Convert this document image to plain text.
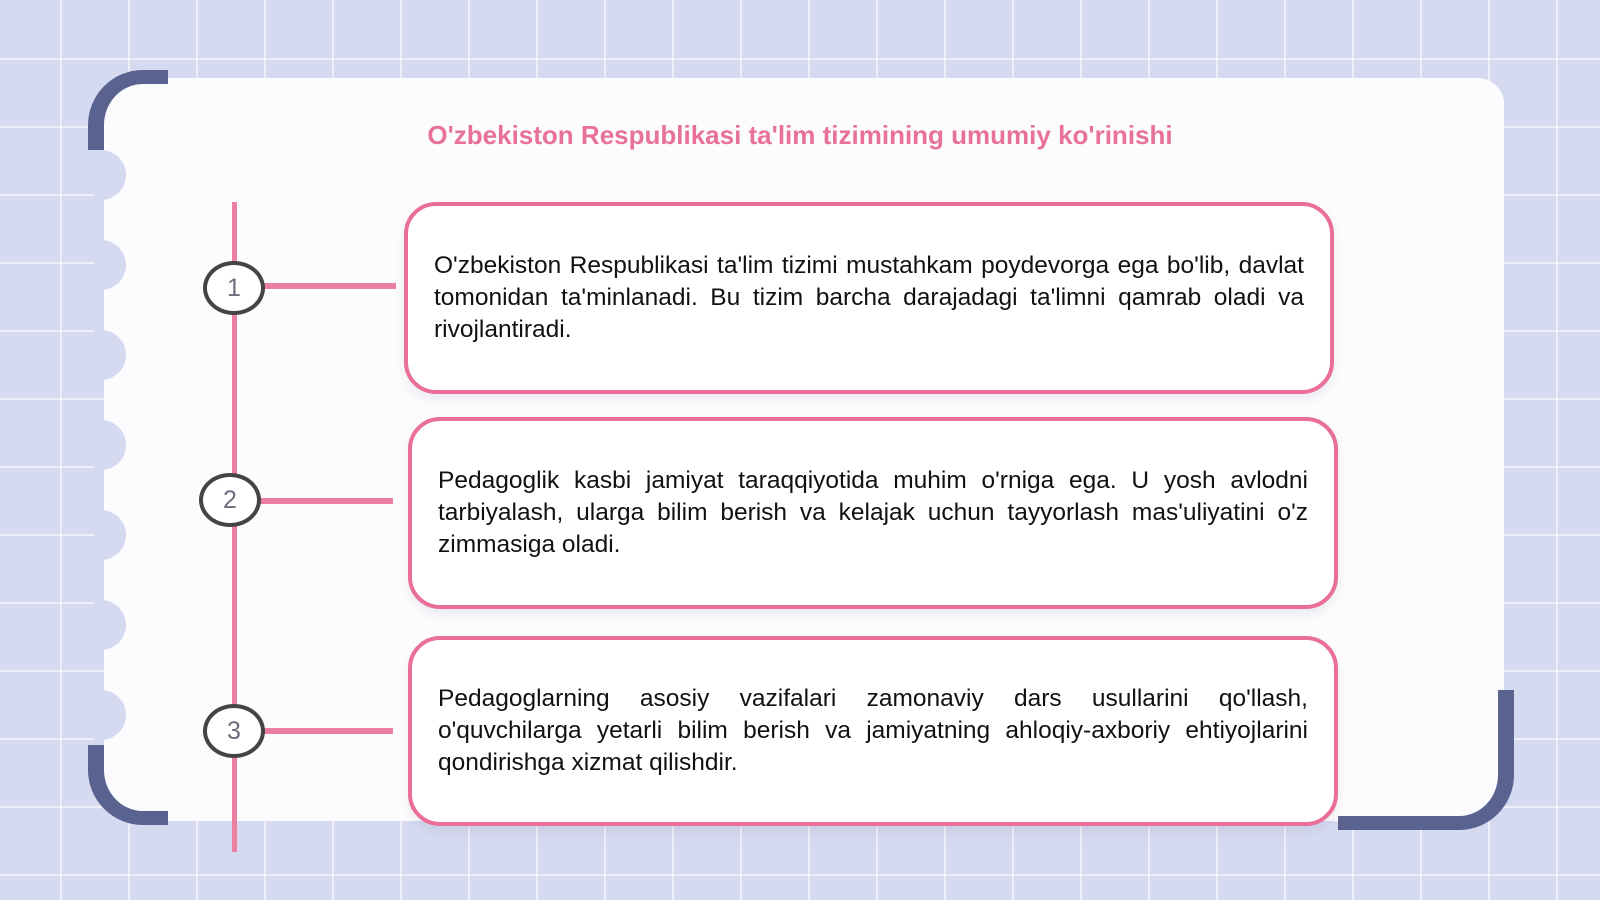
O'zbekiston Respublikasi ta'lim tizimining umumiy ko'rinishi
1

O'zbekiston Respublikasi ta'lim tizimi mustahkam poydevorga ega bo'lib, davlat tomonidan ta'minlanadi. Bu tizim barcha darajadagi ta'limni qamrab oladi va rivojlantiradi.

2

Pedagoglik kasbi jamiyat taraqqiyotida muhim o'rniga ega. U yosh avlodni tarbiyalash, ularga bilim berish va kelajak uchun tayyorlash mas'uliyatini o'z zimmasiga oladi.

3

Pedagoglarning asosiy vazifalari zamonaviy dars usullarini qo'llash, o'quvchilarga yetarli bilim berish va jamiyatning ahloqiy-axboriy ehtiyojlarini qondirishga xizmat qilishdir.
